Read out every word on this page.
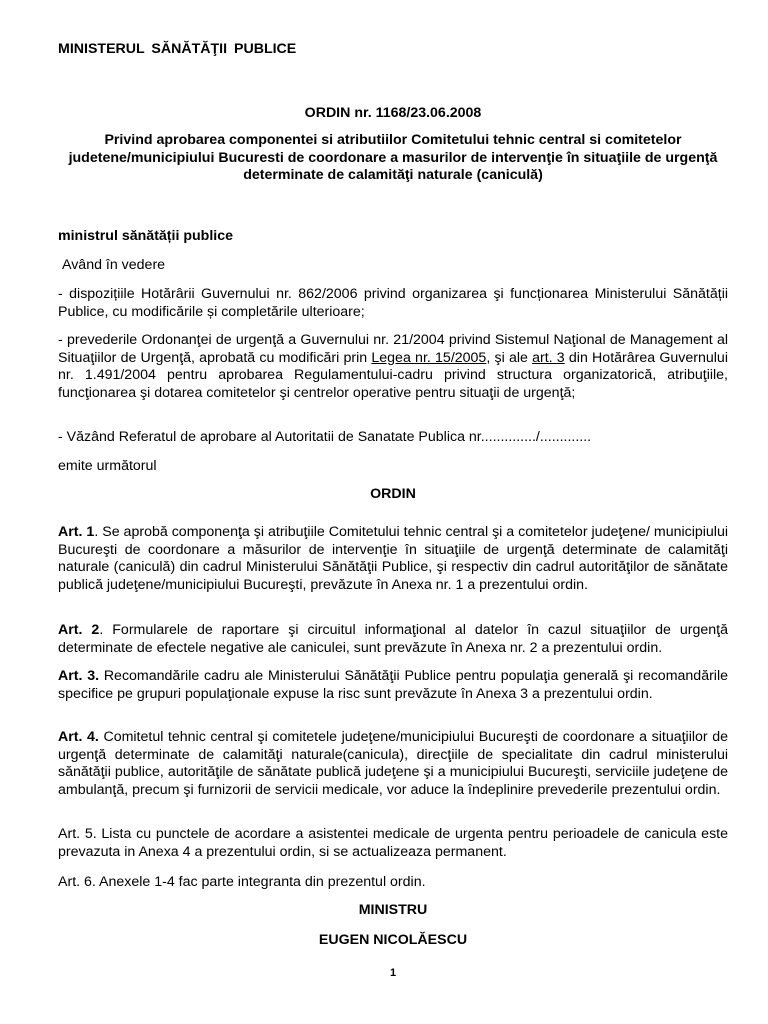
MINISTERUL SĂNĂTĂŢII PUBLICE

ORDIN nr. 1168/23.06.2008

Privind aprobarea componentei si atributiilor Comitetului tehnic central si comitetelor judetene/municipiului Bucuresti de coordonare a masurilor de intervenţie în situaţiile de urgenţă determinate de calamităţi naturale (caniculă)

ministrul sănătății publice

Având în vedere

- dispozițiile Hotărârii Guvernului nr. 862/2006 privind organizarea şi funcționarea Ministerului Sănătății Publice, cu modificările și completările ulterioare;

- prevederile Ordonanţei de urgenţă a Guvernului nr. 21/2004 privind Sistemul Naţional de Management al Situaţiilor de Urgenţă, aprobată cu modificări prin Legea nr. 15/2005, şi ale art. 3 din Hotărârea Guvernului nr. 1.491/2004 pentru aprobarea Regulamentului-cadru privind structura organizatorică, atribuţiile, funcţionarea şi dotarea comitetelor şi centrelor operative pentru situaţii de urgenţă;

- Văzând Referatul de aprobare al Autoritatii de Sanatate Publica nr............../.............

emite următorul

ORDIN

Art. 1. Se aprobă componenţa şi atribuţiile Comitetului tehnic central şi a comitetelor judeţene/ municipiului Bucureşti de coordonare a măsurilor de intervenţie în situaţiile de urgenţă determinate de calamităţi naturale (caniculă) din cadrul Ministerului Sănătăţii Publice, şi respectiv din cadrul autorităţilor de sănătate publică judeţene/municipiului Bucureşti, prevăzute în Anexa nr. 1 a prezentului ordin.

Art. 2. Formularele de raportare şi circuitul informaţional al datelor în cazul situaţiilor de urgenţă determinate de efectele negative ale caniculei, sunt prevăzute în Anexa nr. 2 a prezentului ordin.

Art. 3. Recomandările cadru ale Ministerului Sănătăţii Publice pentru populaţia generală şi recomandările specifice pe grupuri populaţionale expuse la risc sunt prevăzute în Anexa 3 a prezentului ordin.

Art. 4. Comitetul tehnic central şi comitetele judeţene/municipiului Bucureşti de coordonare a situaţiilor de urgenţă determinate de calamităţi naturale(canicula), direcţiile de specialitate din cadrul ministerului sănătăţii publice, autorităţile de sănătate publică judeţene şi a municipiului Bucureşti, serviciile judeţene de ambulanţă, precum şi furnizorii de servicii medicale, vor aduce la îndeplinire prevederile prezentului ordin.

Art. 5. Lista cu punctele de acordare a asistentei medicale de urgenta pentru perioadele de canicula este prevazuta in Anexa 4 a prezentului ordin, si se actualizeaza permanent.

Art. 6. Anexele 1-4 fac parte integranta din prezentul ordin.

MINISTRU

EUGEN NICOLĂESCU

1
